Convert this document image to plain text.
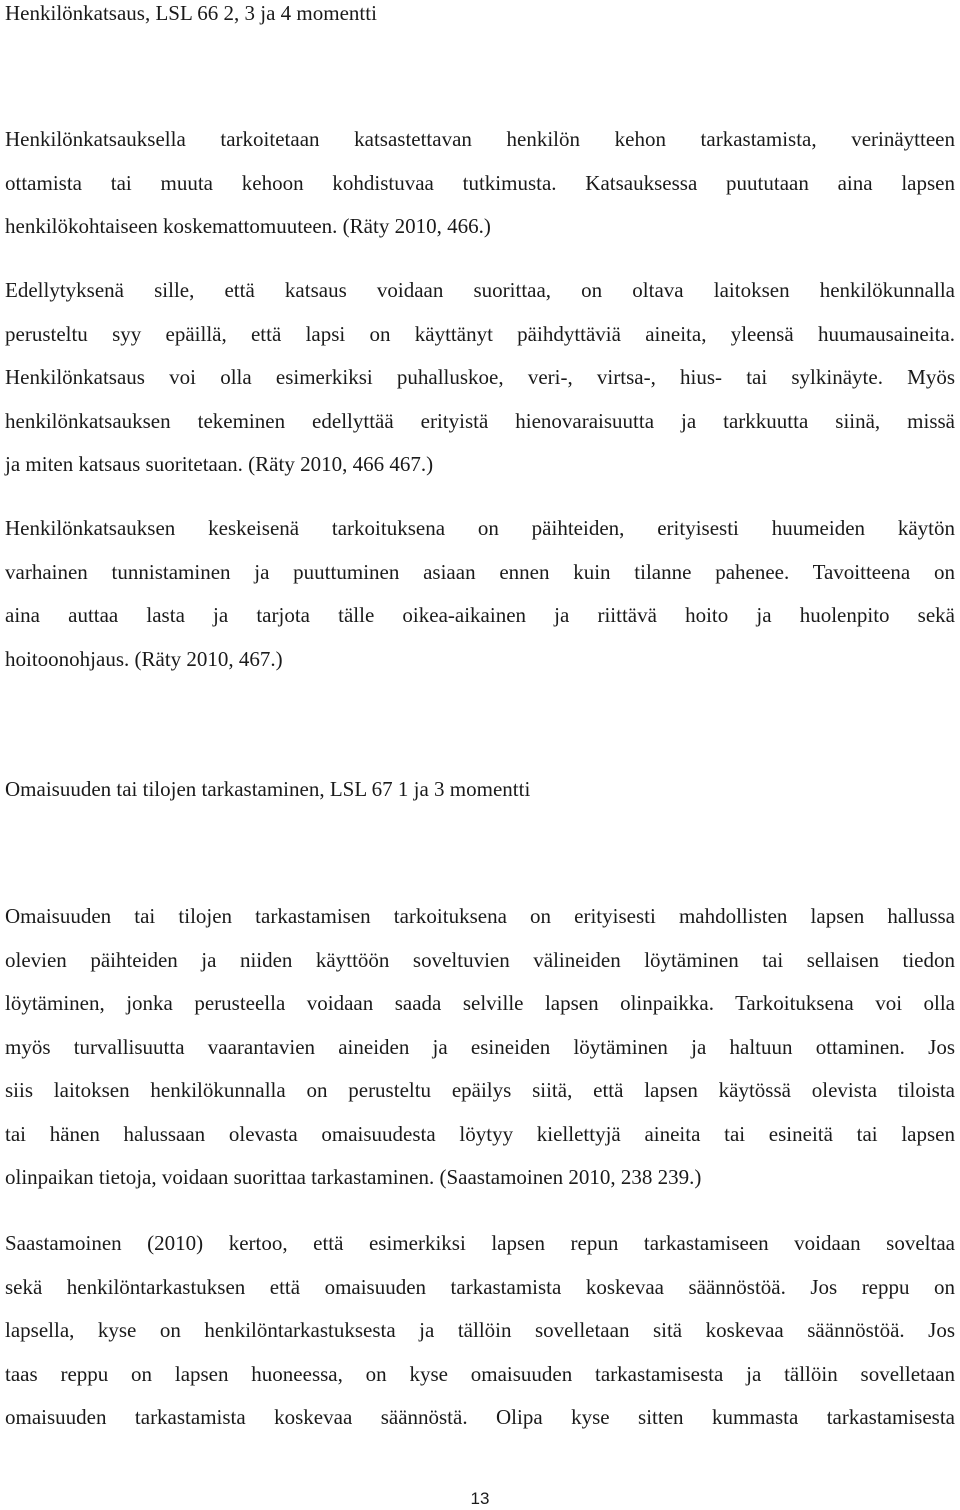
Henkilönkatsaus, LSL 66 2, 3 ja 4 momentti
Henkilönkatsauksella tarkoitetaan katsastettavan henkilön kehon tarkastamista, verinäytteen
ottamista tai muuta kehoon kohdistuvaa tutkimusta. Katsauksessa puututaan aina lapsen
henkilökohtaiseen koskemattomuuteen. (Räty 2010, 466.)
Edellytyksenä sille, että katsaus voidaan suorittaa, on oltava laitoksen henkilökunnalla
perusteltu syy epäillä, että lapsi on käyttänyt päihdyttäviä aineita, yleensä huumausaineita.
Henkilönkatsaus voi olla esimerkiksi puhalluskoe, veri-, virtsa-, hius- tai sylkinäyte. Myös
henkilönkatsauksen tekeminen edellyttää erityistä hienovaraisuutta ja tarkkuutta siinä, missä
ja miten katsaus suoritetaan. (Räty 2010, 466 467.)
Henkilönkatsauksen keskeisenä tarkoituksena on päihteiden, erityisesti huumeiden käytön
varhainen tunnistaminen ja puuttuminen asiaan ennen kuin tilanne pahenee. Tavoitteena on
aina auttaa lasta ja tarjota tälle oikea-aikainen ja riittävä hoito ja huolenpito sekä
hoitoonohjaus. (Räty 2010, 467.)
Omaisuuden tai tilojen tarkastaminen, LSL 67 1 ja 3 momentti
Omaisuuden tai tilojen tarkastamisen tarkoituksena on erityisesti mahdollisten lapsen hallussa
olevien päihteiden ja niiden käyttöön soveltuvien välineiden löytäminen tai sellaisen tiedon
löytäminen, jonka perusteella voidaan saada selville lapsen olinpaikka. Tarkoituksena voi olla
myös turvallisuutta vaarantavien aineiden ja esineiden löytäminen ja haltuun ottaminen. Jos
siis laitoksen henkilökunnalla on perusteltu epäilys siitä, että lapsen käytössä olevista tiloista
tai hänen halussaan olevasta omaisuudesta löytyy kiellettyjä aineita tai esineitä tai lapsen
olinpaikan tietoja, voidaan suorittaa tarkastaminen. (Saastamoinen 2010, 238 239.)
Saastamoinen (2010) kertoo, että esimerkiksi lapsen repun tarkastamiseen voidaan soveltaa
sekä henkilöntarkastuksen että omaisuuden tarkastamista koskevaa säännöstöä. Jos reppu on
lapsella, kyse on henkilöntarkastuksesta ja tällöin sovelletaan sitä koskevaa säännöstöä. Jos
taas reppu on lapsen huoneessa, on kyse omaisuuden tarkastamisesta ja tällöin sovelletaan
omaisuuden tarkastamista koskevaa säännöstä. Olipa kyse sitten kummasta tarkastamisesta
13
